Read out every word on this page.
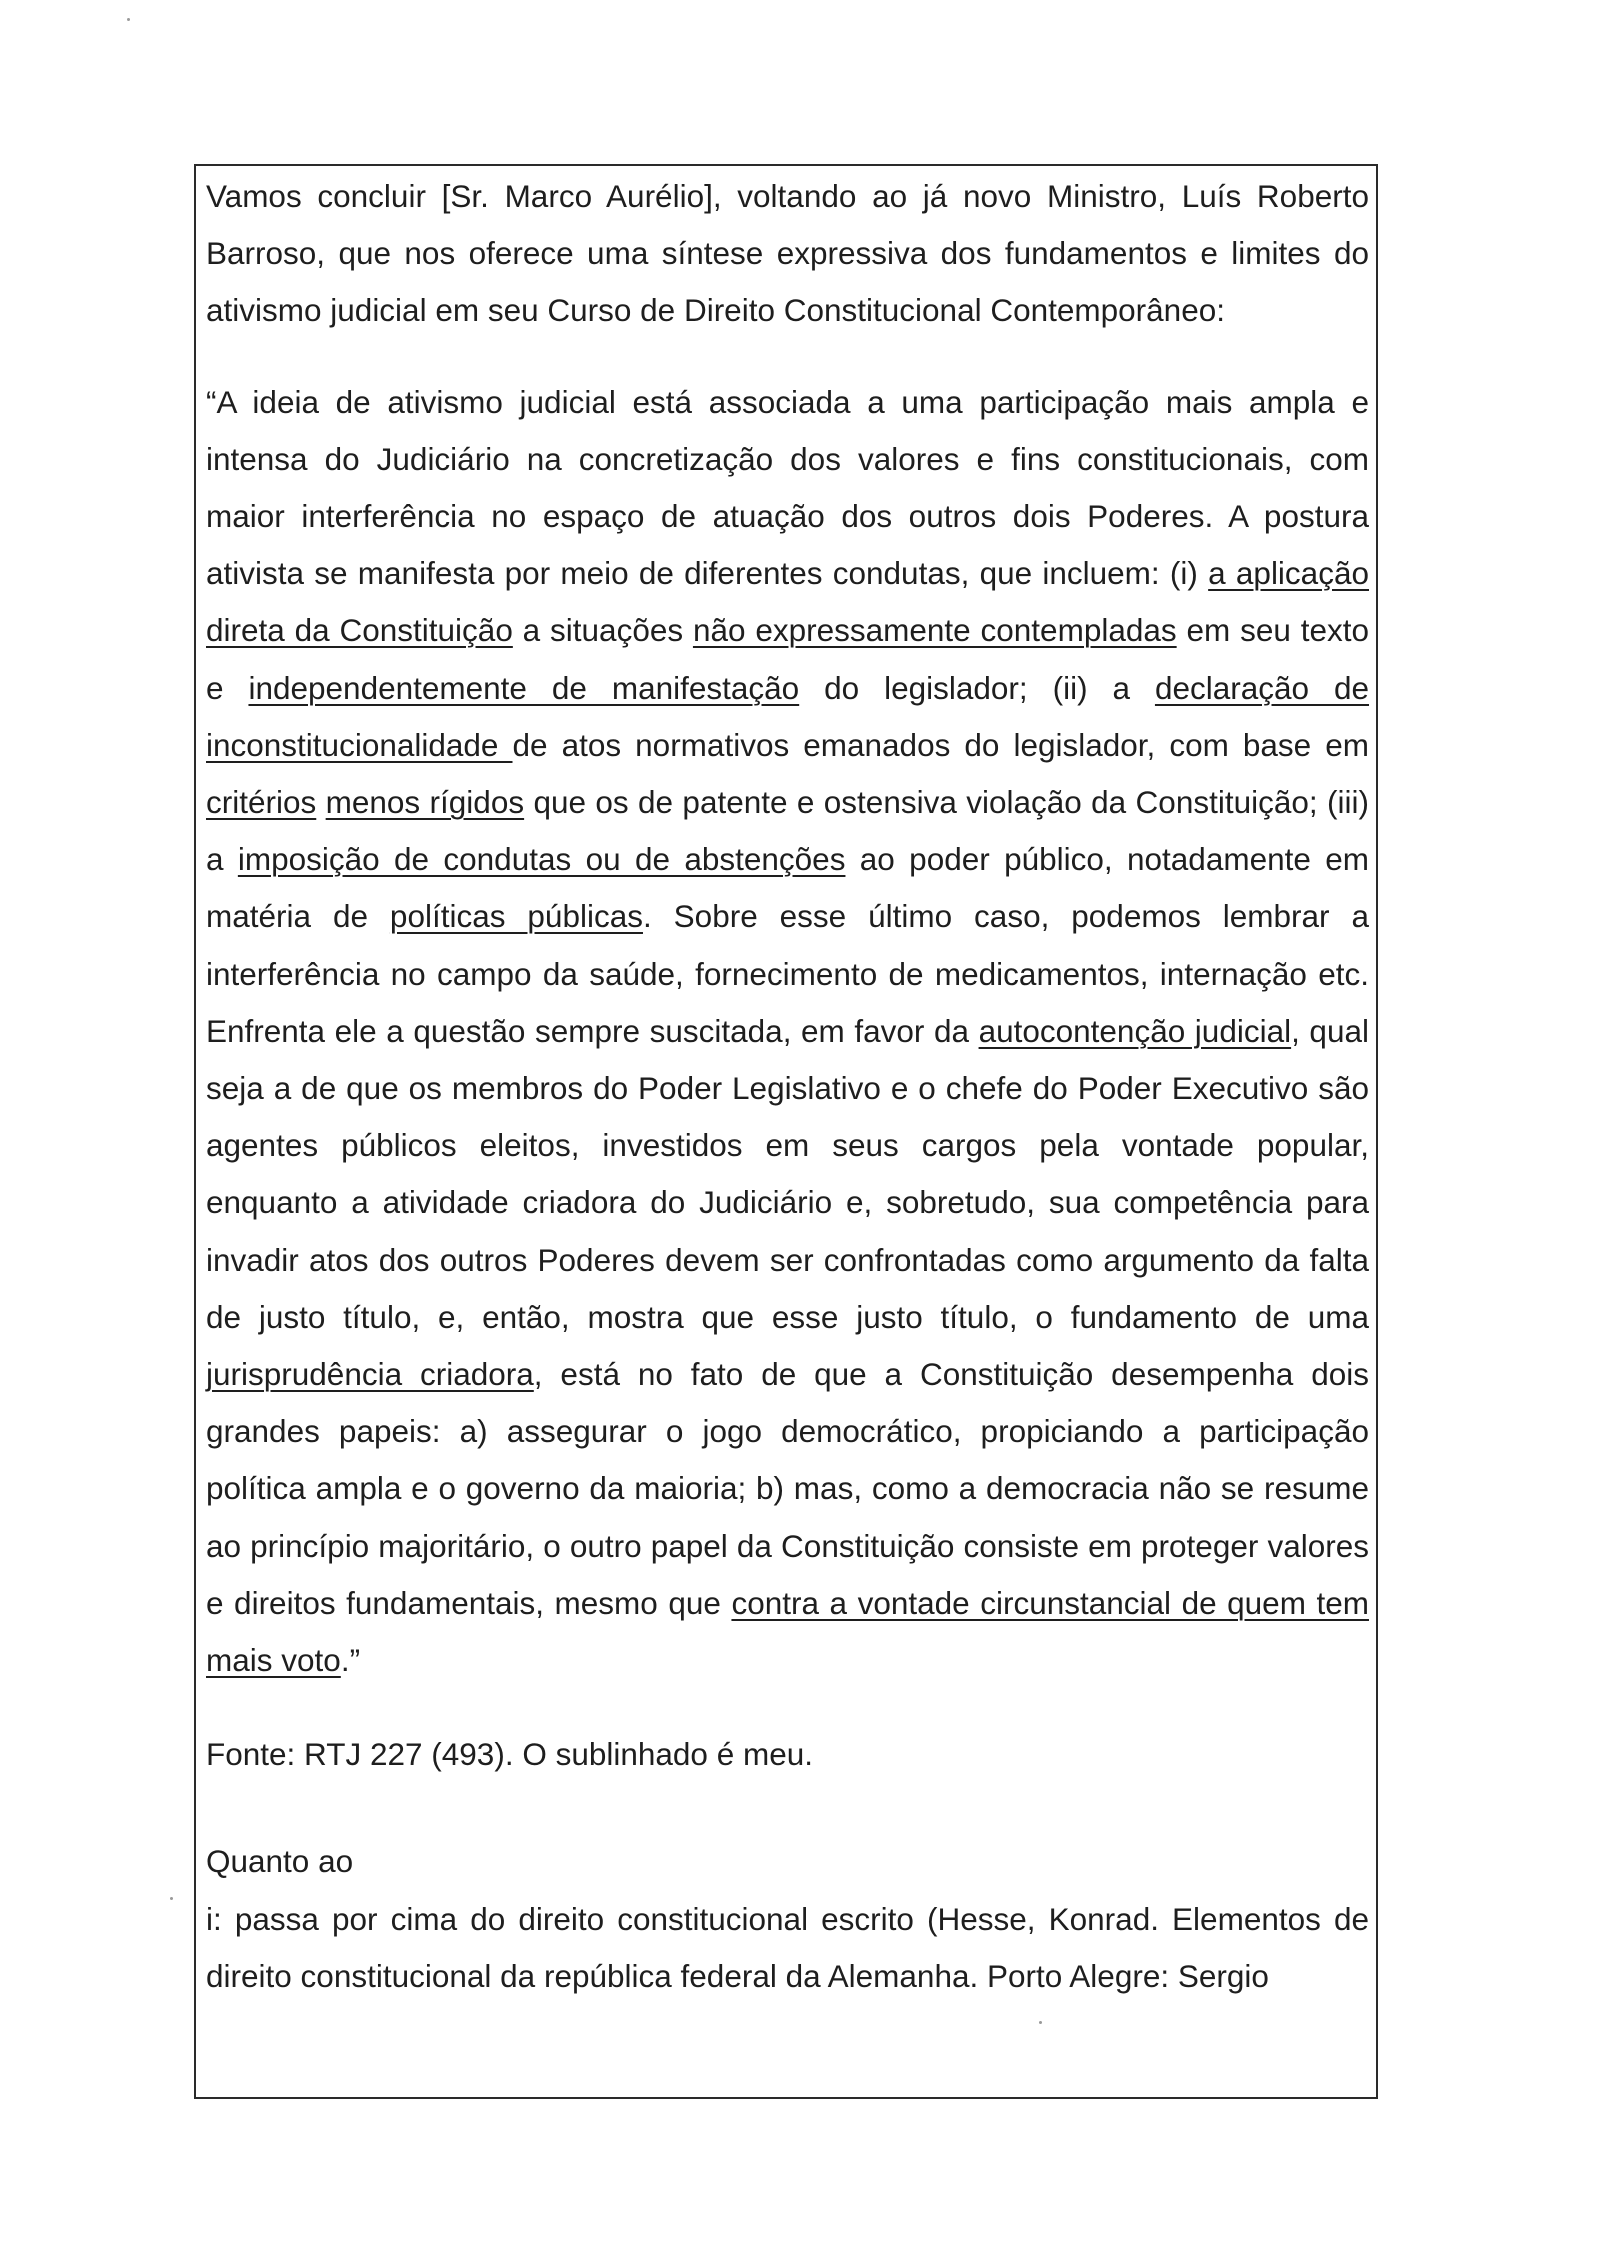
Vamos concluir [Sr. Marco Aurélio], voltando ao já novo Ministro, Luís Roberto Barroso, que nos oferece uma síntese expressiva dos fundamentos e limites do ativismo judicial em seu Curso de Direito Constitucional Contemporâneo:

“A ideia de ativismo judicial está associada a uma participação mais ampla e intensa do Judiciário na concretização dos valores e fins constitucionais, com maior interferência no espaço de atuação dos outros dois Poderes. A postura ativista se manifesta por meio de diferentes condutas, que incluem: (i) a aplicação direta da Constituição a situações não expressamente contempladas em seu texto e independentemente de manifestação do legislador; (ii) a declaração de inconstitucionalidade de atos normativos emanados do legislador, com base em critérios menos rígidos que os de patente e ostensiva violação da Constituição; (iii) a imposição de condutas ou de abstenções ao poder público, notadamente em matéria de políticas públicas. Sobre esse último caso, podemos lembrar a interferência no campo da saúde, fornecimento de medicamentos, internação etc. Enfrenta ele a questão sempre suscitada, em favor da autocontenção judicial, qual seja a de que os membros do Poder Legislativo e o chefe do Poder Executivo são agentes públicos eleitos, investidos em seus cargos pela vontade popular, enquanto a atividade criadora do Judiciário e, sobretudo, sua competência para invadir atos dos outros Poderes devem ser confrontadas como argumento da falta de justo título, e, então, mostra que esse justo título, o fundamento de uma jurisprudência criadora, está no fato de que a Constituição desempenha dois grandes papeis: a) assegurar o jogo democrático, propiciando a participação política ampla e o governo da maioria; b) mas, como a democracia não se resume ao princípio majoritário, o outro papel da Constituição consiste em proteger valores e direitos fundamentais, mesmo que contra a vontade circunstancial de quem tem mais voto.”

Fonte: RTJ 227 (493). O sublinhado é meu.

Quanto ao

i: passa por cima do direito constitucional escrito (Hesse, Konrad. Elementos de direito constitucional da república federal da Alemanha. Porto Alegre: Sergio
